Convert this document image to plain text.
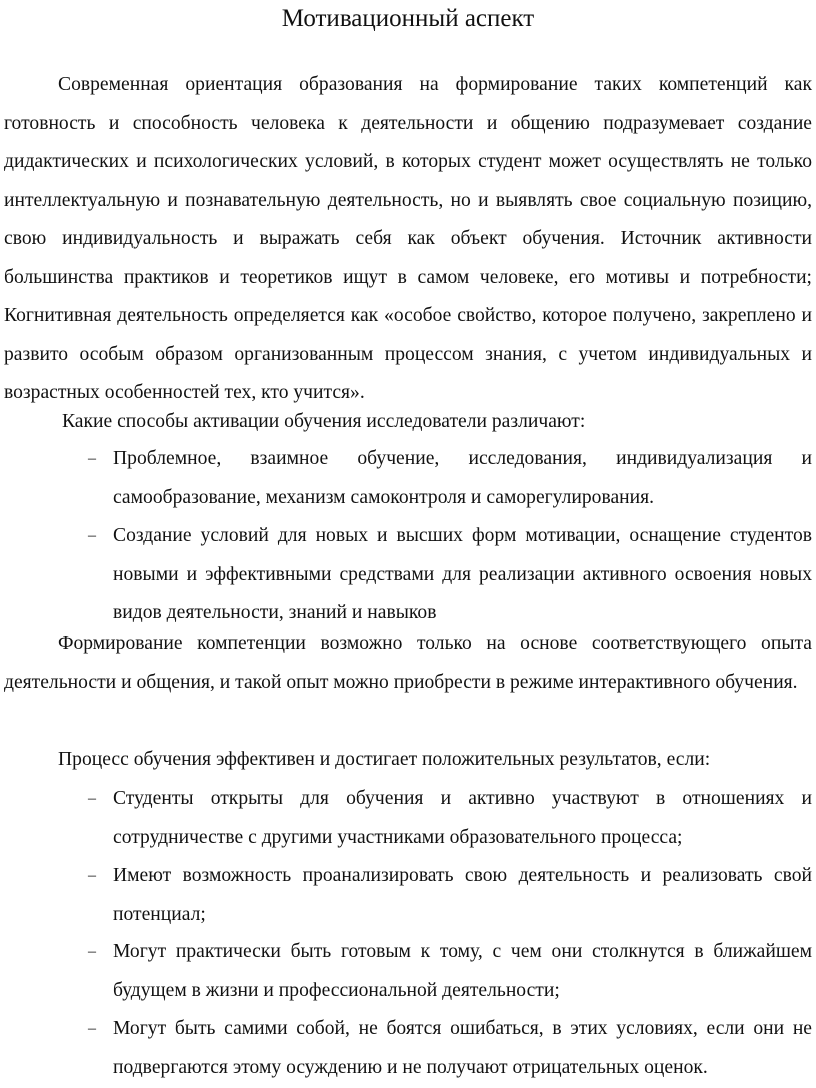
Мотивационный аспект

Современная ориентация образования на формирование таких компетенций как готовность и способность человека к деятельности и общению подразумевает создание дидактических и психологических условий, в которых студент может осуществлять не только интеллектуальную и познавательную деятельность, но и выявлять свое социальную позицию, свою индивидуальность и выражать себя как объект обучения. Источник активности большинства практиков и теоретиков ищут в самом человеке, его мотивы и потребности; Когнитивная деятельность определяется как «особое свойство, которое получено, закреплено и развито особым образом организованным процессом знания, с учетом индивидуальных и возрастных особенностей тех, кто учится».

Какие способы активации обучения исследователи различают:

– Проблемное, взаимное обучение, исследования, индивидуализация и самообразование, механизм самоконтроля и саморегулирования.

– Создание условий для новых и высших форм мотивации, оснащение студентов новыми и эффективными средствами для реализации активного освоения новых видов деятельности, знаний и навыков

Формирование компетенции возможно только на основе соответствующего опыта деятельности и общения, и такой опыт можно приобрести в режиме интерактивного обучения.

Процесс обучения эффективен и достигает положительных результатов, если:

– Студенты открыты для обучения и активно участвуют в отношениях и сотрудничестве с другими участниками образовательного процесса;

– Имеют возможность проанализировать свою деятельность и реализовать свой потенциал;

– Могут практически быть готовым к тому, с чем они столкнутся в ближайшем будущем в жизни и профессиональной деятельности;

– Могут быть самими собой, не боятся ошибаться, в этих условиях, если они не подвергаются этому осуждению и не получают отрицательных оценок.
